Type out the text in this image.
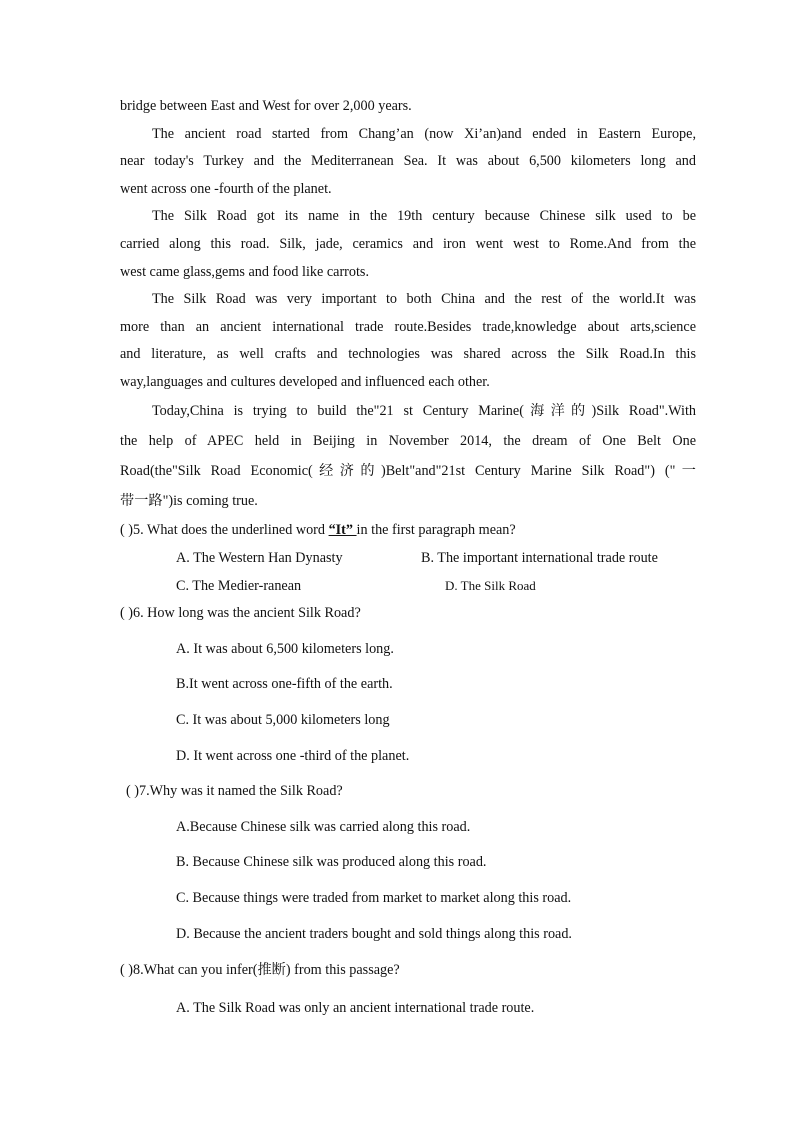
bridge between East and West for over 2,000 years.
The ancient road started from Chang’an (now Xi’an)and ended in Eastern Europe,
near today's Turkey and the Mediterranean Sea. It was about 6,500 kilometers long and
went across one -fourth of the planet.
The Silk Road got its name in the 19th century because Chinese silk used to be
carried along this road. Silk, jade, ceramics and iron went west to Rome.And from the
west came glass,gems and food like carrots.
The Silk Road was very important to both China and the rest of the world.It was
more than an ancient international trade route.Besides trade,knowledge about arts,science
and literature, as well crafts and technologies was shared across the Silk Road.In this
way,languages and cultures developed and influenced each other.
Today,China is trying to build the"21 st Century Marine(海洋的)Silk Road".With
the help of APEC held in Beijing in November 2014, the dream of One Belt One
Road(the"Silk Road Economic(经济的)Belt"and"21st Century Marine Silk Road") ("一
带一路")is coming true.
( )5. What does the underlined word “It” in the first paragraph mean?
A. The Western Han Dynasty	B. The important international trade route
C. The Medier-ranean	D. The Silk Road
( )6. How long was the ancient Silk Road?
A. It was about 6,500 kilometers long.
B.It went across one-fifth of the earth.
C. It was about 5,000 kilometers long
D. It went across one -third of the planet.
( )7.Why was it named the Silk Road?
A.Because Chinese silk was carried along this road.
B. Because Chinese silk was produced along this road.
C. Because things were traded from market to market along this road.
D. Because the ancient traders bought and sold things along this road.
( )8.What can you infer(推断) from this passage?
A. The Silk Road was only an ancient international trade route.
